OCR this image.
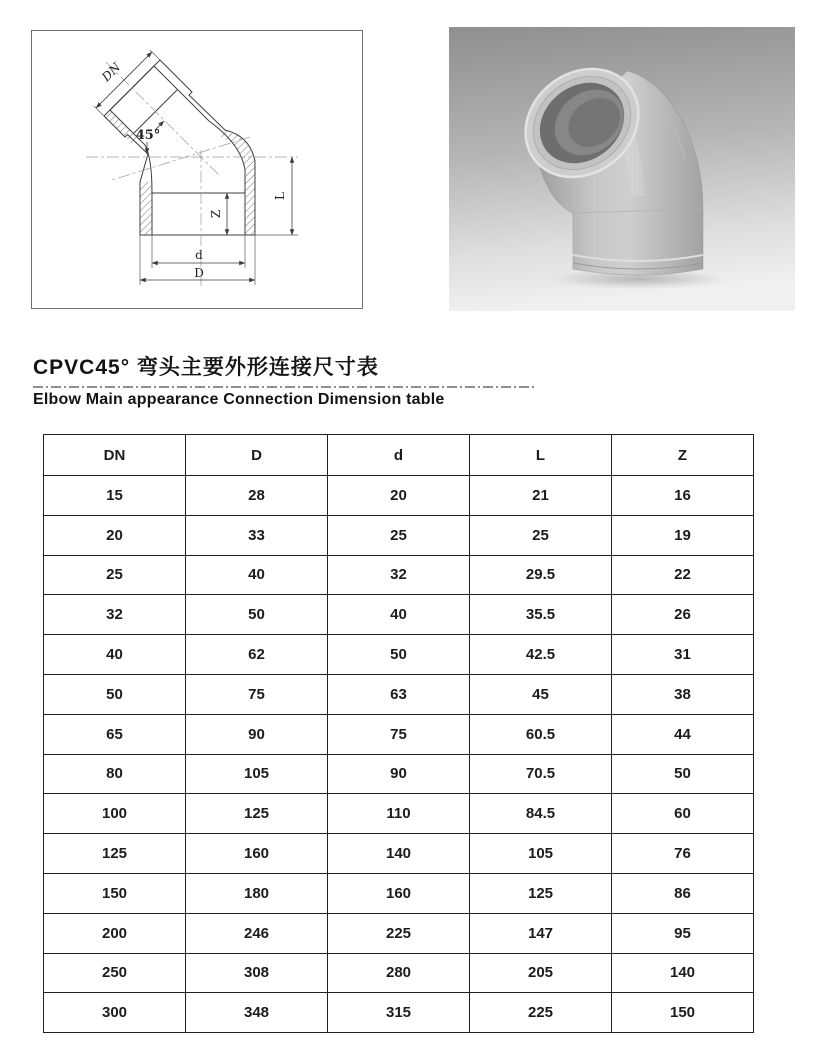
DN
45°
Z
L
d
D
CPVC45° 弯头主要外形连接尺寸表
Elbow Main appearance Connection Dimension table
DN	D	d	L	Z
15	28	20	21	16
20	33	25	25	19
25	40	32	29.5	22
32	50	40	35.5	26
40	62	50	42.5	31
50	75	63	45	38
65	90	75	60.5	44
80	105	90	70.5	50
100	125	110	84.5	60
125	160	140	105	76
150	180	160	125	86
200	246	225	147	95
250	308	280	205	140
300	348	315	225	150
